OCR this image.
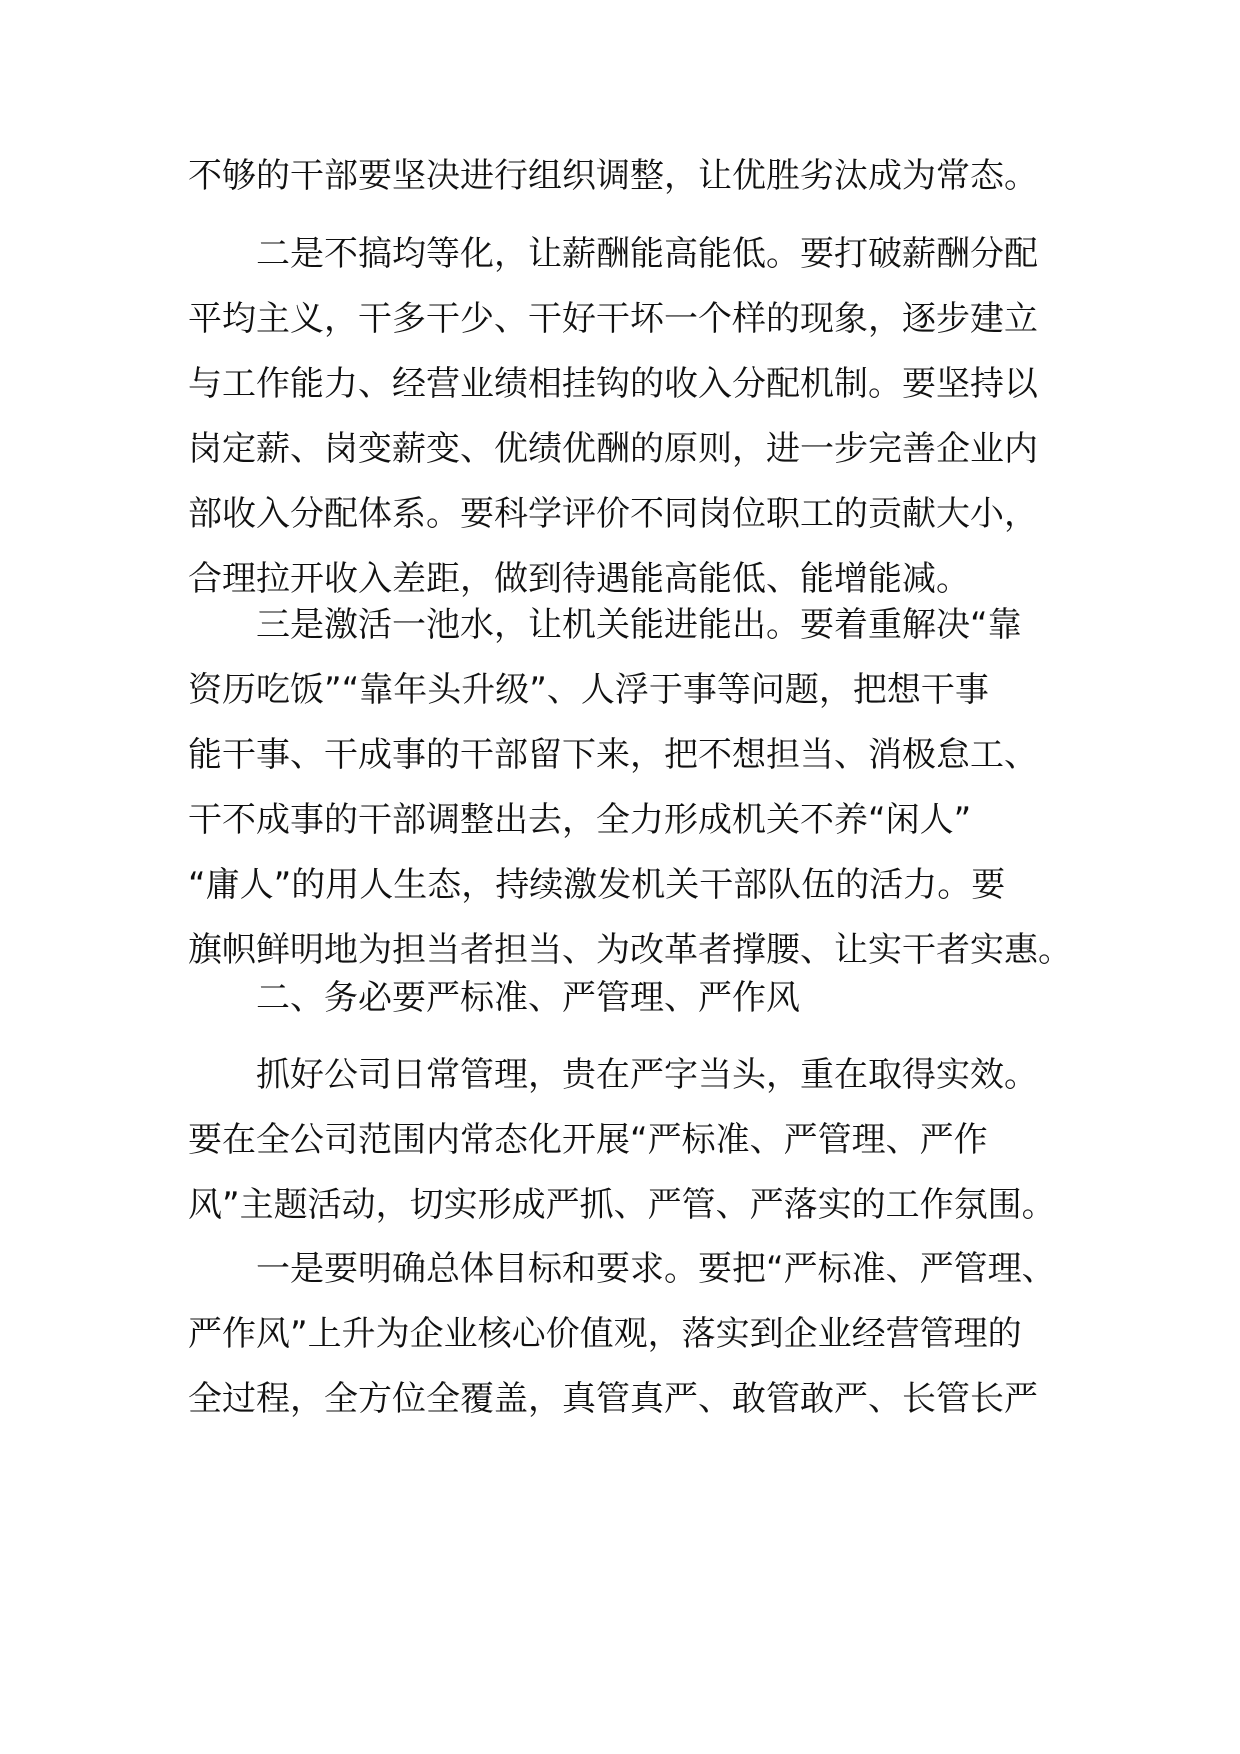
不够的干部要坚决进行组织调整，让优胜劣汰成为常态。
　　二是不搞均等化，让薪酬能高能低。要打破薪酬分配
平均主义，干多干少、干好干坏一个样的现象，逐步建立
与工作能力、经营业绩相挂钩的收入分配机制。要坚持以
岗定薪、岗变薪变、优绩优酬的原则，进一步完善企业内
部收入分配体系。要科学评价不同岗位职工的贡献大小，
合理拉开收入差距，做到待遇能高能低、能增能减。
　　三是激活一池水，让机关能进能出。要着重解决“靠
资历吃饭”“靠年头升级”、人浮于事等问题，把想干事
能干事、干成事的干部留下来，把不想担当、消极怠工、
干不成事的干部调整出去，全力形成机关不养“闲人”
“庸人”的用人生态，持续激发机关干部队伍的活力。要
旗帜鲜明地为担当者担当、为改革者撑腰、让实干者实惠。
　　二、务必要严标准、严管理、严作风
　　抓好公司日常管理，贵在严字当头，重在取得实效。
要在全公司范围内常态化开展“严标准、严管理、严作
风”主题活动，切实形成严抓、严管、严落实的工作氛围。
　　一是要明确总体目标和要求。要把“严标准、严管理、
严作风”上升为企业核心价值观，落实到企业经营管理的
全过程，全方位全覆盖，真管真严、敢管敢严、长管长严
